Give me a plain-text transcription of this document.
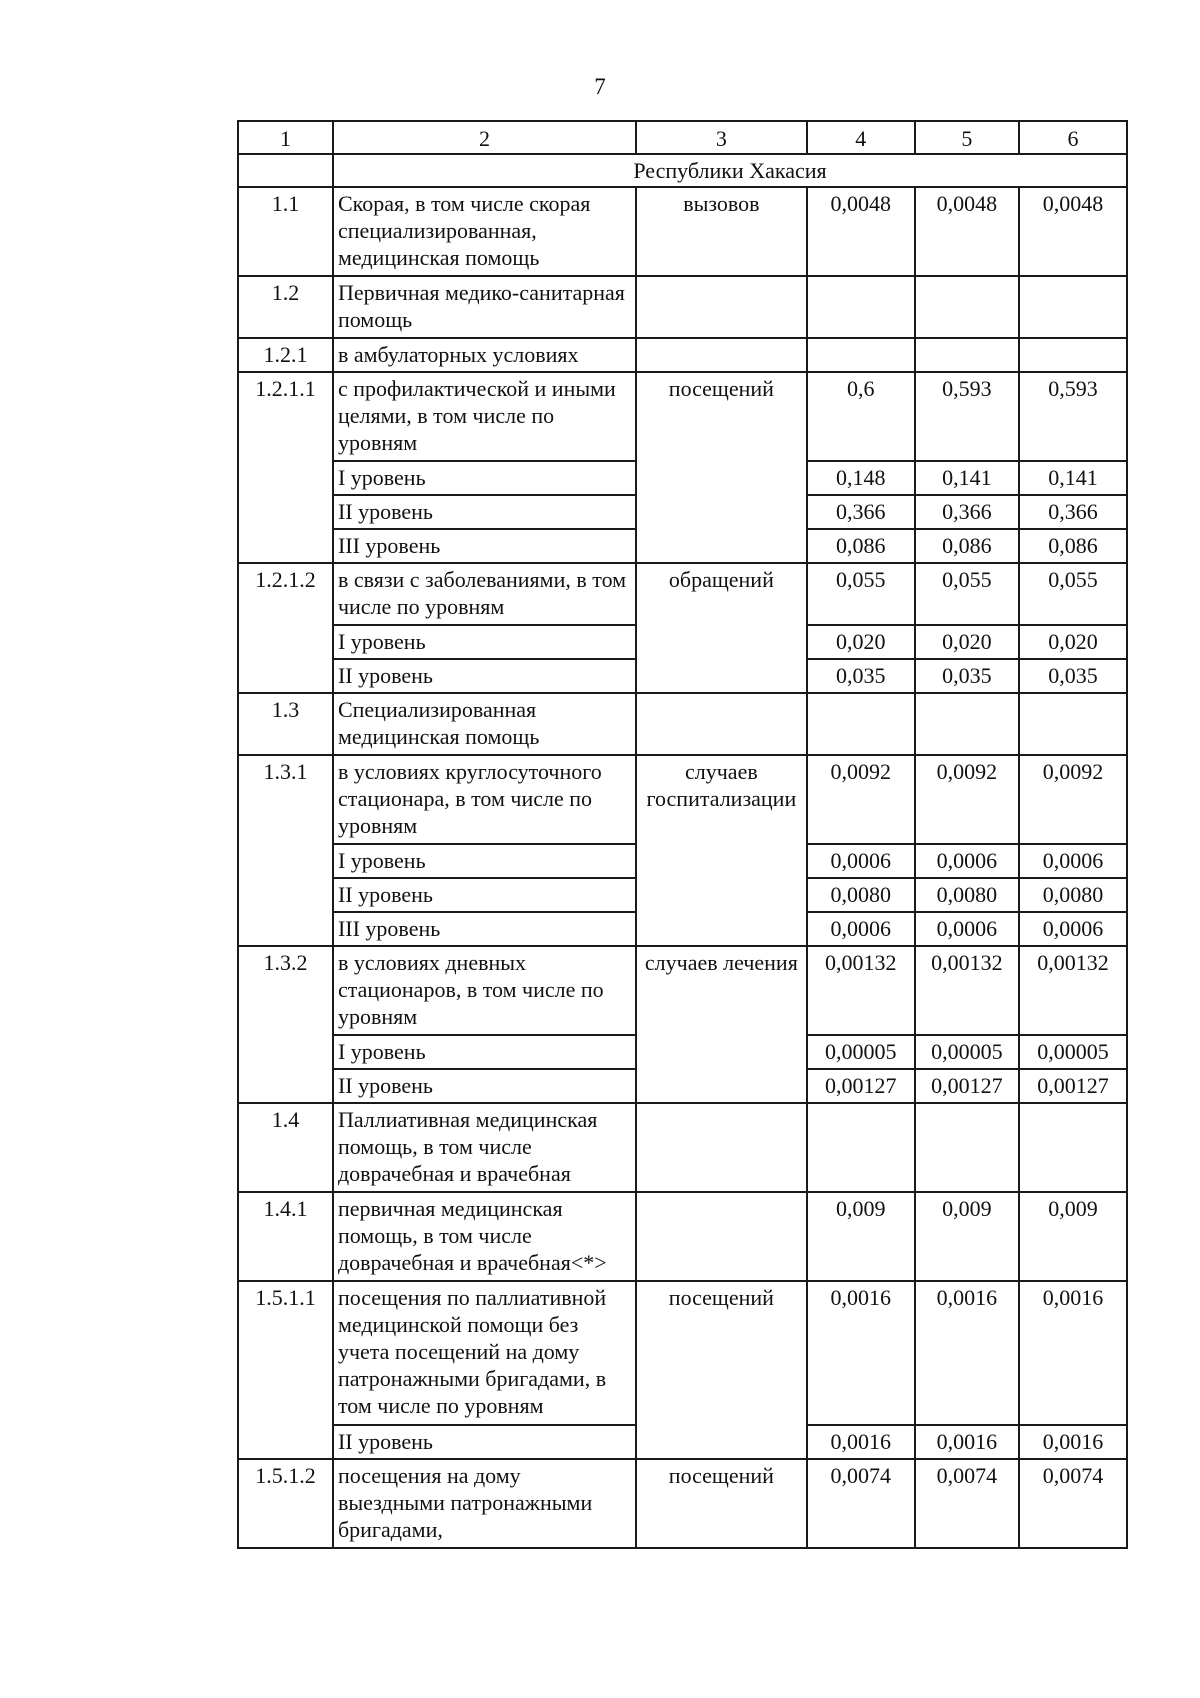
7
1	2	3	4	5	6
	Республики Хакасия				
1.1	Скорая, в том числе скорая специализированная, медицинская помощь	вызовов	0,0048	0,0048	0,0048
1.2	Первичная медико-санитарная помощь				
1.2.1	в амбулаторных условиях				
1.2.1.1	с профилактической и иными целями, в том числе по уровням	посещений	0,6	0,593	0,593
	I уровень		0,148	0,141	0,141
	II уровень		0,366	0,366	0,366
	III уровень		0,086	0,086	0,086
1.2.1.2	в связи с заболеваниями, в том числе по уровням	обращений	0,055	0,055	0,055
	I уровень		0,020	0,020	0,020
	II уровень		0,035	0,035	0,035
1.3	Специализированная медицинская помощь				
1.3.1	в условиях круглосуточного стационара, в том числе по уровням	случаев госпитализации	0,0092	0,0092	0,0092
	I уровень		0,0006	0,0006	0,0006
	II уровень		0,0080	0,0080	0,0080
	III уровень		0,0006	0,0006	0,0006
1.3.2	в условиях дневных стационаров, в том числе по уровням	случаев лечения	0,00132	0,00132	0,00132
	I уровень		0,00005	0,00005	0,00005
	II уровень		0,00127	0,00127	0,00127
1.4	Паллиативная медицинская помощь, в том числе доврачебная и врачебная				
1.4.1	первичная медицинская помощь, в том числе доврачебная и врачебная<*>		0,009	0,009	0,009
1.5.1.1	посещения по паллиативной медицинской помощи без учета посещений на дому патронажными бригадами, в том числе по уровням	посещений	0,0016	0,0016	0,0016
	II уровень		0,0016	0,0016	0,0016
1.5.1.2	посещения на дому выездными патронажными бригадами,	посещений	0,0074	0,0074	0,0074
